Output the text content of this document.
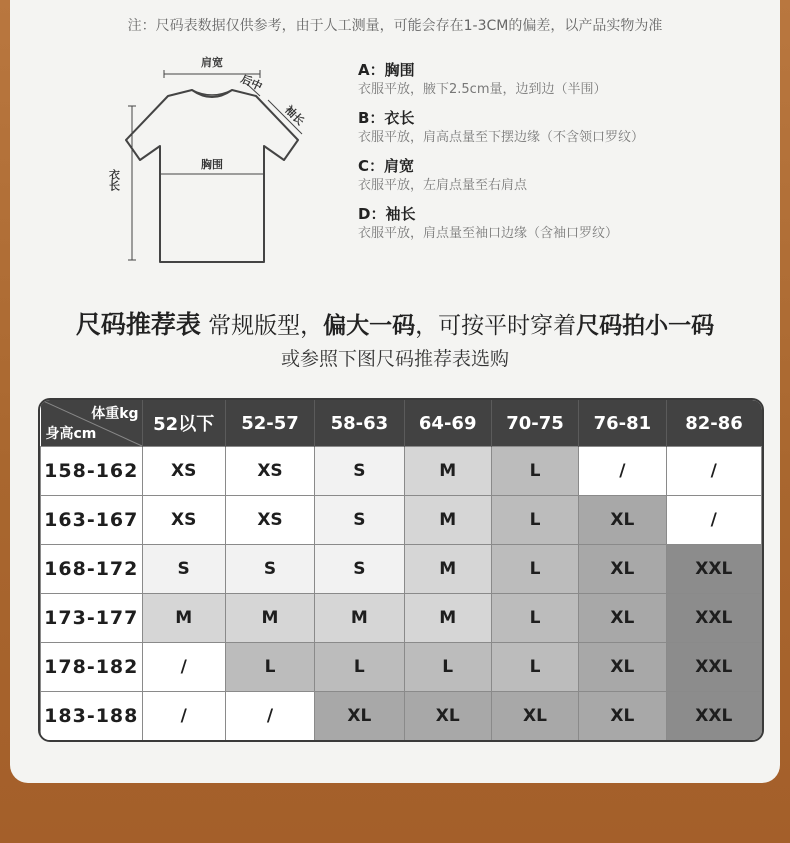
注：尺码表数据仅供参考，由于人工测量，可能会存在1-3CM的偏差，以产品实物为准
肩宽
后中
袖长
胸围
衣长
A：胸围
衣服平放，腋下2.5cm量，边到边（半围）
B：衣长
衣服平放，肩高点量至下摆边缘（不含领口罗纹）
C：肩宽
衣服平放，左肩点量至右肩点
D：袖长
衣服平放，肩点量至袖口边缘（含袖口罗纹）
尺码推荐表 常规版型，偏大一码，可按平时穿着尺码拍小一码
或参照下图尺码推荐表选购
体重kg
身高cm	52以下	52-57	58-63	64-69	70-75	76-81	82-86
158-162	XS	XS	S	M	L	/	/
163-167	XS	XS	S	M	L	XL	/
168-172	S	S	S	M	L	XL	XXL
173-177	M	M	M	M	L	XL	XXL
178-182	/	L	L	L	L	XL	XXL
183-188	/	/	XL	XL	XL	XL	XXL
